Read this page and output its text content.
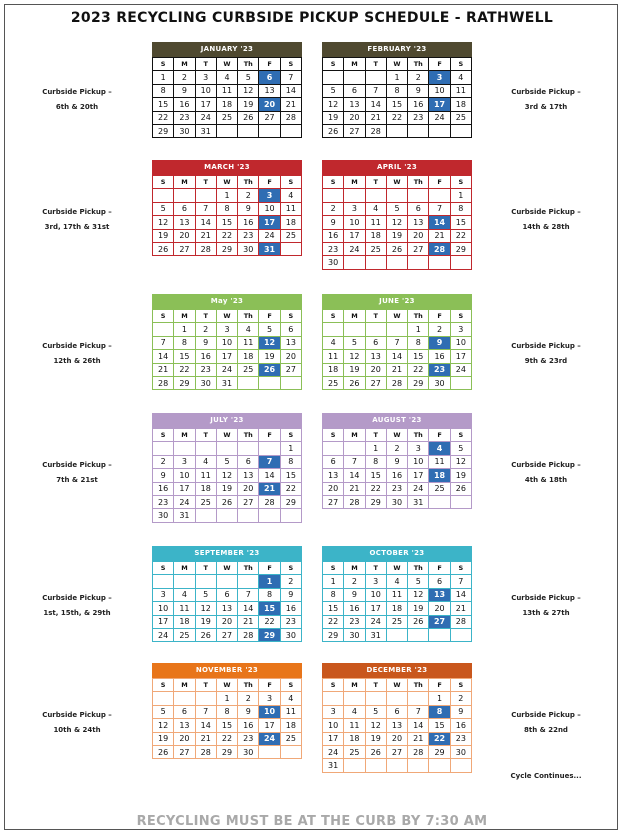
2023 RECYCLING CURBSIDE PICKUP SCHEDULE - RATHWELL
JANUARY '23
S	M	T	W	Th	F	S
1	2	3	4	5	6	7
8	9	10	11	12	13	14
15	16	17	18	19	20	21
22	23	24	25	26	27	28
29	30	31				
Curbside Pickup –
6th & 20th
FEBRUARY '23
S	M	T	W	Th	F	S
			1	2	3	4
5	6	7	8	9	10	11
12	13	14	15	16	17	18
19	20	21	22	23	24	25
26	27	28				
Curbside Pickup –
3rd & 17th
MARCH '23
S	M	T	W	Th	F	S
			1	2	3	4
5	6	7	8	9	10	11
12	13	14	15	16	17	18
19	20	21	22	23	24	25
26	27	28	29	30	31	
Curbside Pickup –
3rd, 17th & 31st
APRIL '23
S	M	T	W	Th	F	S
						1
2	3	4	5	6	7	8
9	10	11	12	13	14	15
16	17	18	19	20	21	22
23	24	25	26	27	28	29
30						
Curbside Pickup –
14th & 28th
May '23
S	M	T	W	Th	F	S
	1	2	3	4	5	6
7	8	9	10	11	12	13
14	15	16	17	18	19	20
21	22	23	24	25	26	27
28	29	30	31			
Curbside Pickup –
12th & 26th
JUNE '23
S	M	T	W	Th	F	S
				1	2	3
4	5	6	7	8	9	10
11	12	13	14	15	16	17
18	19	20	21	22	23	24
25	26	27	28	29	30	
Curbside Pickup –
9th & 23rd
JULY '23
S	M	T	W	Th	F	S
						1
2	3	4	5	6	7	8
9	10	11	12	13	14	15
16	17	18	19	20	21	22
23	24	25	26	27	28	29
30	31					
Curbside Pickup –
7th & 21st
AUGUST '23
S	M	T	W	Th	F	S
		1	2	3	4	5
6	7	8	9	10	11	12
13	14	15	16	17	18	19
20	21	22	23	24	25	26
27	28	29	30	31		
Curbside Pickup –
4th & 18th
SEPTEMBER '23
S	M	T	W	Th	F	S
					1	2
3	4	5	6	7	8	9
10	11	12	13	14	15	16
17	18	19	20	21	22	23
24	25	26	27	28	29	30
Curbside Pickup –
1st, 15th, & 29th
OCTOBER '23
S	M	T	W	Th	F	S
1	2	3	4	5	6	7
8	9	10	11	12	13	14
15	16	17	18	19	20	21
22	23	24	25	26	27	28
29	30	31				
Curbside Pickup –
13th & 27th
NOVEMBER '23
S	M	T	W	Th	F	S
			1	2	3	4
5	6	7	8	9	10	11
12	13	14	15	16	17	18
19	20	21	22	23	24	25
26	27	28	29	30		
Curbside Pickup –
10th & 24th
DECEMBER '23
S	M	T	W	Th	F	S
					1	2
3	4	5	6	7	8	9
10	11	12	13	14	15	16
17	18	19	20	21	22	23
24	25	26	27	28	29	30
31						
Curbside Pickup –
8th & 22nd
Cycle Continues...
RECYCLING MUST BE AT THE CURB BY 7:30 AM
